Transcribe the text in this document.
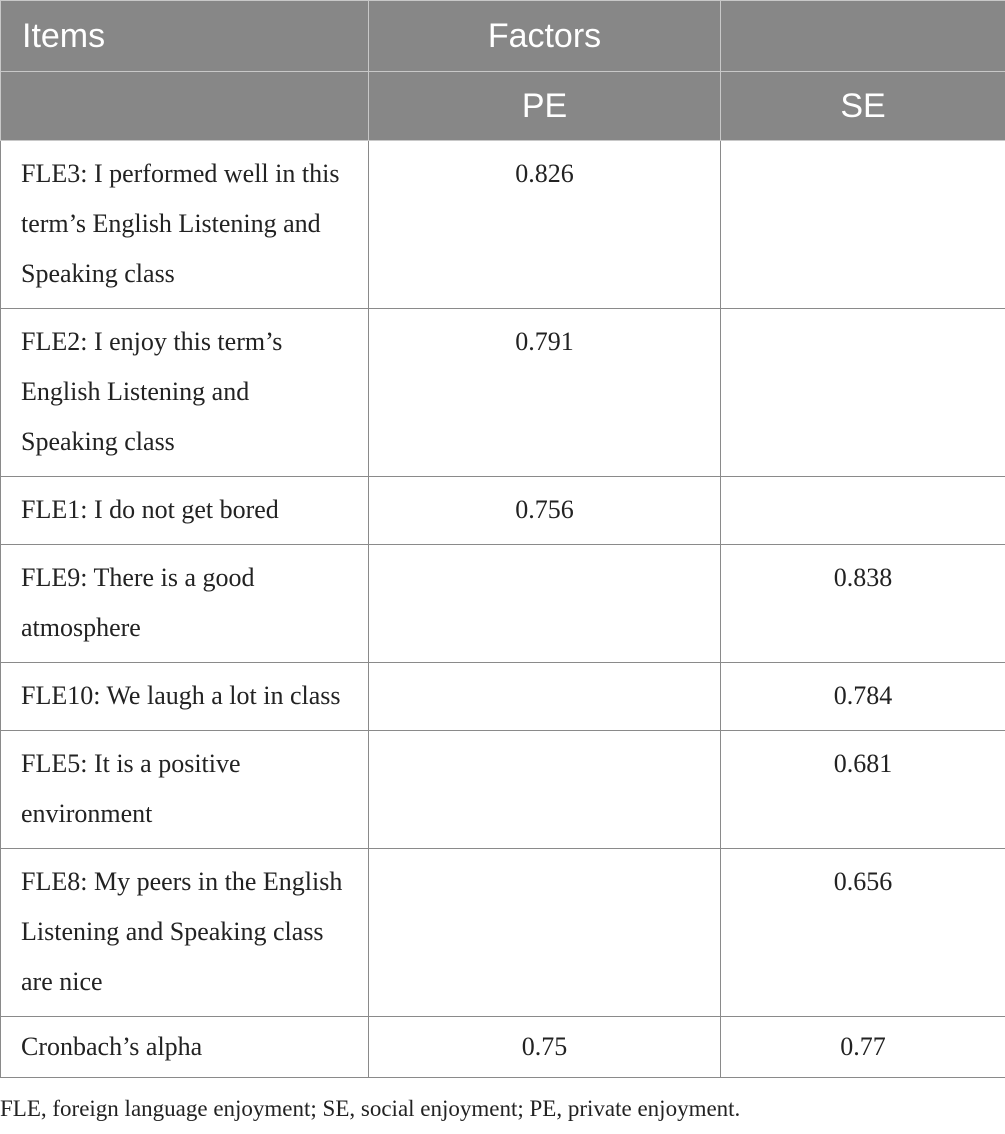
Items	Factors	
	PE	SE
FLE3: I performed well in this term’s English Listening and Speaking class	0.826	
FLE2: I enjoy this term’s English Listening and Speaking class	0.791	
FLE1: I do not get bored	0.756	
FLE9: There is a good atmosphere		0.838
FLE10: We laugh a lot in class		0.784
FLE5: It is a positive environment		0.681
FLE8: My peers in the English Listening and Speaking class are nice		0.656
Cronbach’s alpha	0.75	0.77
FLE, foreign language enjoyment; SE, social enjoyment; PE, private enjoyment.
